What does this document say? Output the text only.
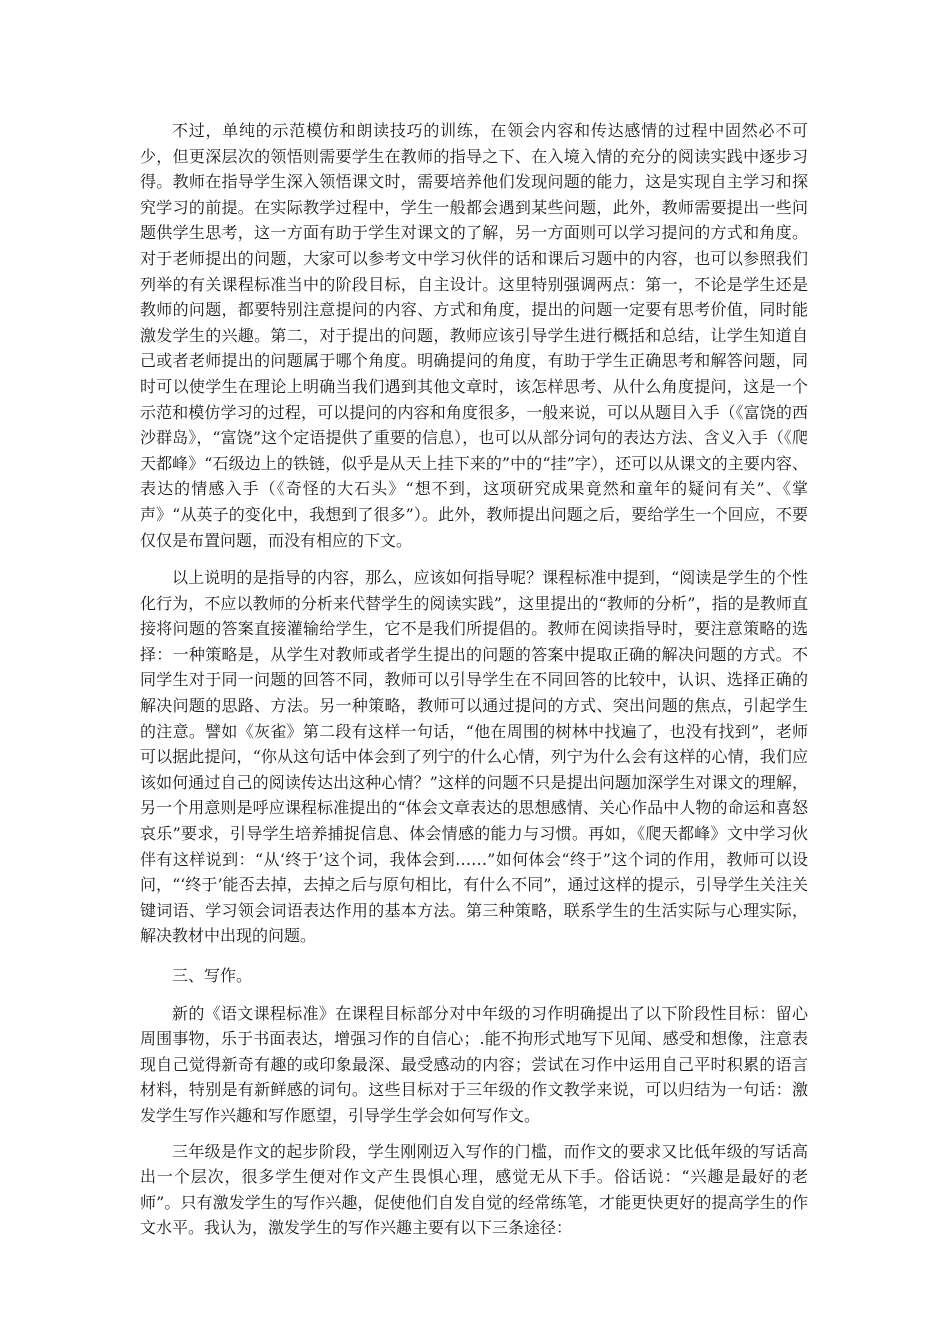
不过，单纯的示范模仿和朗读技巧的训练，在领会内容和传达感情的过程中固然必不可少，但更深层次的领悟则需要学生在教师的指导之下、在入境入情的充分的阅读实践中逐步习得。教师在指导学生深入领悟课文时，需要培养他们发现问题的能力，这是实现自主学习和探究学习的前提。在实际教学过程中，学生一般都会遇到某些问题，此外，教师需要提出一些问题供学生思考，这一方面有助于学生对课文的了解，另一方面则可以学习提问的方式和角度。对于老师提出的问题，大家可以参考文中学习伙伴的话和课后习题中的内容，也可以参照我们列举的有关课程标准当中的阶段目标，自主设计。这里特别强调两点：第一，不论是学生还是教师的问题，都要特别注意提问的内容、方式和角度，提出的问题一定要有思考价值，同时能激发学生的兴趣。第二，对于提出的问题，教师应该引导学生进行概括和总结，让学生知道自己或者老师提出的问题属于哪个角度。明确提问的角度，有助于学生正确思考和解答问题，同时可以使学生在理论上明确当我们遇到其他文章时，该怎样思考、从什么角度提问，这是一个示范和模仿学习的过程，可以提问的内容和角度很多，一般来说，可以从题目入手（《富饶的西沙群岛》，“富饶”这个定语提供了重要的信息），也可以从部分词句的表达方法、含义入手（《爬天都峰》“石级边上的铁链，似乎是从天上挂下来的”中的“挂”字），还可以从课文的主要内容、表达的情感入手（《奇怪的大石头》“想不到，这项研究成果竟然和童年的疑问有关”、《掌声》“从英子的变化中，我想到了很多”）。此外，教师提出问题之后，要给学生一个回应，不要仅仅是布置问题，而没有相应的下文。

以上说明的是指导的内容，那么，应该如何指导呢？课程标准中提到，“阅读是学生的个性化行为，不应以教师的分析来代替学生的阅读实践”，这里提出的“教师的分析”，指的是教师直接将问题的答案直接灌输给学生，它不是我们所提倡的。教师在阅读指导时，要注意策略的选择：一种策略是，从学生对教师或者学生提出的问题的答案中提取正确的解决问题的方式。不同学生对于同一问题的回答不同，教师可以引导学生在不同回答的比较中，认识、选择正确的解决问题的思路、方法。另一种策略，教师可以通过提问的方式、突出问题的焦点，引起学生的注意。譬如《灰雀》第二段有这样一句话，“他在周围的树林中找遍了，也没有找到”，老师可以据此提问，“你从这句话中体会到了列宁的什么心情，列宁为什么会有这样的心情，我们应该如何通过自己的阅读传达出这种心情？”这样的问题不只是提出问题加深学生对课文的理解，另一个用意则是呼应课程标准提出的“体会文章表达的思想感情、关心作品中人物的命运和喜怒哀乐”要求，引导学生培养捕捉信息、体会情感的能力与习惯。再如，《爬天都峰》文中学习伙伴有这样说到：“从‘终于’这个词，我体会到……”如何体会“终于”这个词的作用，教师可以设问，“‘终于’能否去掉，去掉之后与原句相比，有什么不同”，通过这样的提示，引导学生关注关键词语、学习领会词语表达作用的基本方法。第三种策略，联系学生的生活实际与心理实际，解决教材中出现的问题。

三、写作。

新的《语文课程标准》在课程目标部分对中年级的习作明确提出了以下阶段性目标：留心周围事物，乐于书面表达，增强习作的自信心；.能不拘形式地写下见闻、感受和想像，注意表现自己觉得新奇有趣的或印象最深、最受感动的内容；尝试在习作中运用自己平时积累的语言材料，特别是有新鲜感的词句。这些目标对于三年级的作文教学来说，可以归结为一句话：激发学生写作兴趣和写作愿望，引导学生学会如何写作文。

三年级是作文的起步阶段，学生刚刚迈入写作的门槛，而作文的要求又比低年级的写话高出一个层次，很多学生便对作文产生畏惧心理，感觉无从下手。俗话说：“兴趣是最好的老师”。只有激发学生的写作兴趣，促使他们自发自觉的经常练笔，才能更快更好的提高学生的作文水平。我认为，激发学生的写作兴趣主要有以下三条途径：
